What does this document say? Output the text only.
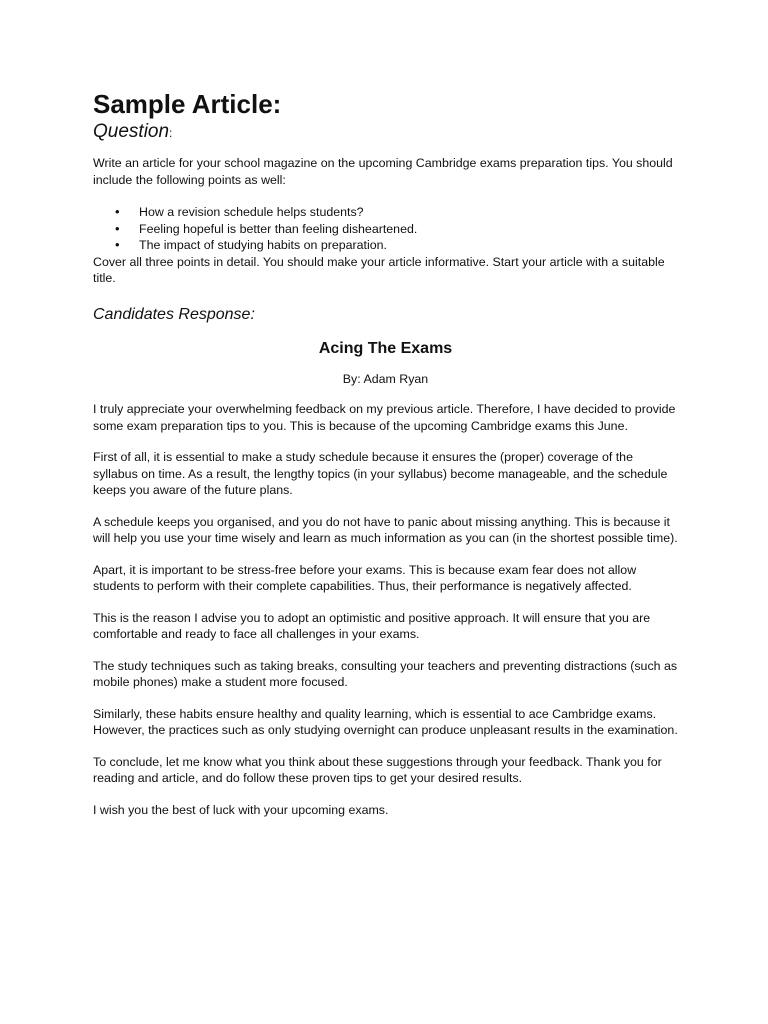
Sample Article:
Question:

Write an article for your school magazine on the upcoming Cambridge exams preparation tips. You should include the following points as well:

• How a revision schedule helps students?
• Feeling hopeful is better than feeling disheartened.
• The impact of studying habits on preparation.

Cover all three points in detail. You should make your article informative. Start your article with a suitable title.

Candidates Response:
Acing The Exams

By: Adam Ryan

I truly appreciate your overwhelming feedback on my previous article. Therefore, I have decided to provide some exam preparation tips to you. This is because of the upcoming Cambridge exams this June.

First of all, it is essential to make a study schedule because it ensures the (proper) coverage of the syllabus on time. As a result, the lengthy topics (in your syllabus) become manageable, and the schedule keeps you aware of the future plans.

A schedule keeps you organised, and you do not have to panic about missing anything. This is because it will help you use your time wisely and learn as much information as you can (in the shortest possible time).

Apart, it is important to be stress-free before your exams. This is because exam fear does not allow students to perform with their complete capabilities. Thus, their performance is negatively affected.

This is the reason I advise you to adopt an optimistic and positive approach. It will ensure that you are comfortable and ready to face all challenges in your exams.

The study techniques such as taking breaks, consulting your teachers and preventing distractions (such as mobile phones) make a student more focused.

Similarly, these habits ensure healthy and quality learning, which is essential to ace Cambridge exams. However, the practices such as only studying overnight can produce unpleasant results in the examination.

To conclude, let me know what you think about these suggestions through your feedback. Thank you for reading and article, and do follow these proven tips to get your desired results.

I wish you the best of luck with your upcoming exams.
